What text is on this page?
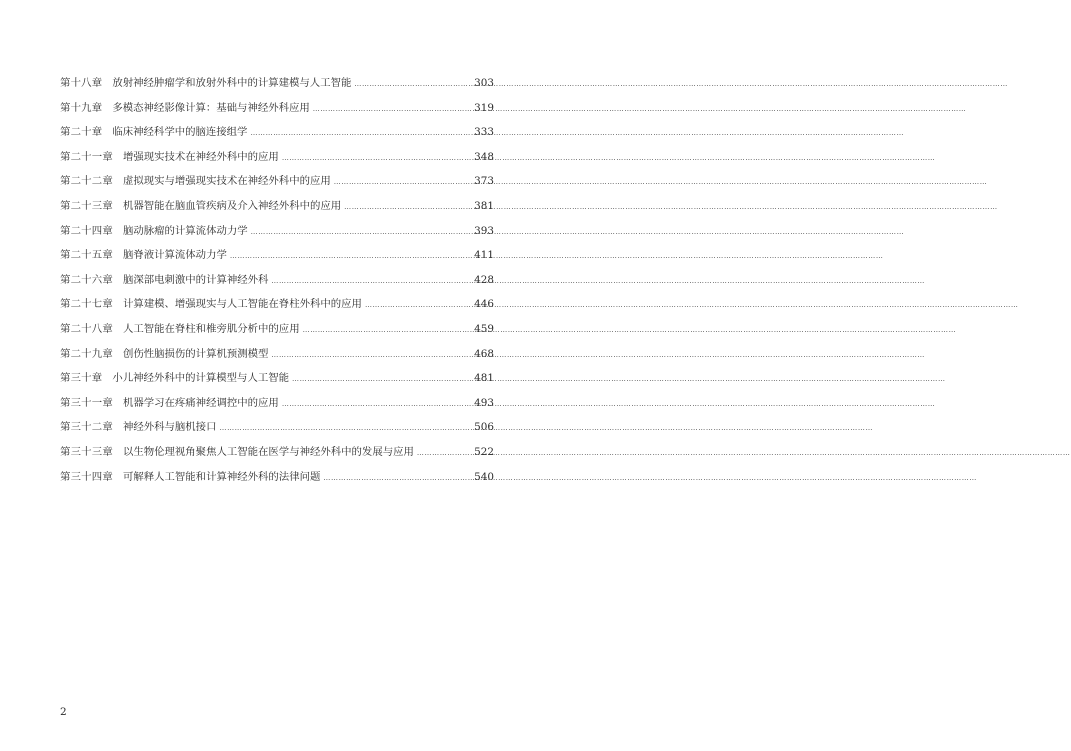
第十八章 放射神经肿瘤学和放射外科中的计算建模与人工智能 ……………………………………………………………………………………………………………………………………………………………………………………………………………………………………	303
第十九章 多模态神经影像计算：基础与神经外科应用 ……………………………………………………………………………………………………………………………………………………………………………………………………………………………………	319
第二十章 临床神经科学中的脑连接组学 ……………………………………………………………………………………………………………………………………………………………………………………………………………………………………	333
第二十一章 增强现实技术在神经外科中的应用 ……………………………………………………………………………………………………………………………………………………………………………………………………………………………………	348
第二十二章 虚拟现实与增强现实技术在神经外科中的应用 ……………………………………………………………………………………………………………………………………………………………………………………………………………………………………	373
第二十三章 机器智能在脑血管疾病及介入神经外科中的应用 ……………………………………………………………………………………………………………………………………………………………………………………………………………………………………	381
第二十四章 脑动脉瘤的计算流体动力学 ……………………………………………………………………………………………………………………………………………………………………………………………………………………………………	393
第二十五章 脑脊液计算流体动力学 ……………………………………………………………………………………………………………………………………………………………………………………………………………………………………	411
第二十六章 脑深部电刺激中的计算神经外科 ……………………………………………………………………………………………………………………………………………………………………………………………………………………………………	428
第二十七章 计算建模、增强现实与人工智能在脊柱外科中的应用 ……………………………………………………………………………………………………………………………………………………………………………………………………………………………………	446
第二十八章 人工智能在脊柱和椎旁肌分析中的应用 ……………………………………………………………………………………………………………………………………………………………………………………………………………………………………	459
第二十九章 创伤性脑损伤的计算机预测模型 ……………………………………………………………………………………………………………………………………………………………………………………………………………………………………	468
第三十章 小儿神经外科中的计算模型与人工智能 ……………………………………………………………………………………………………………………………………………………………………………………………………………………………………	481
第三十一章 机器学习在疼痛神经调控中的应用 ……………………………………………………………………………………………………………………………………………………………………………………………………………………………………	493
第三十二章 神经外科与脑机接口 ……………………………………………………………………………………………………………………………………………………………………………………………………………………………………	506
第三十三章 以生物伦理视角聚焦人工智能在医学与神经外科中的发展与应用 ……………………………………………………………………………………………………………………………………………………………………………………………………………………………………	522
第三十四章 可解释人工智能和计算神经外科的法律问题 ……………………………………………………………………………………………………………………………………………………………………………………………………………………………………	540
2
